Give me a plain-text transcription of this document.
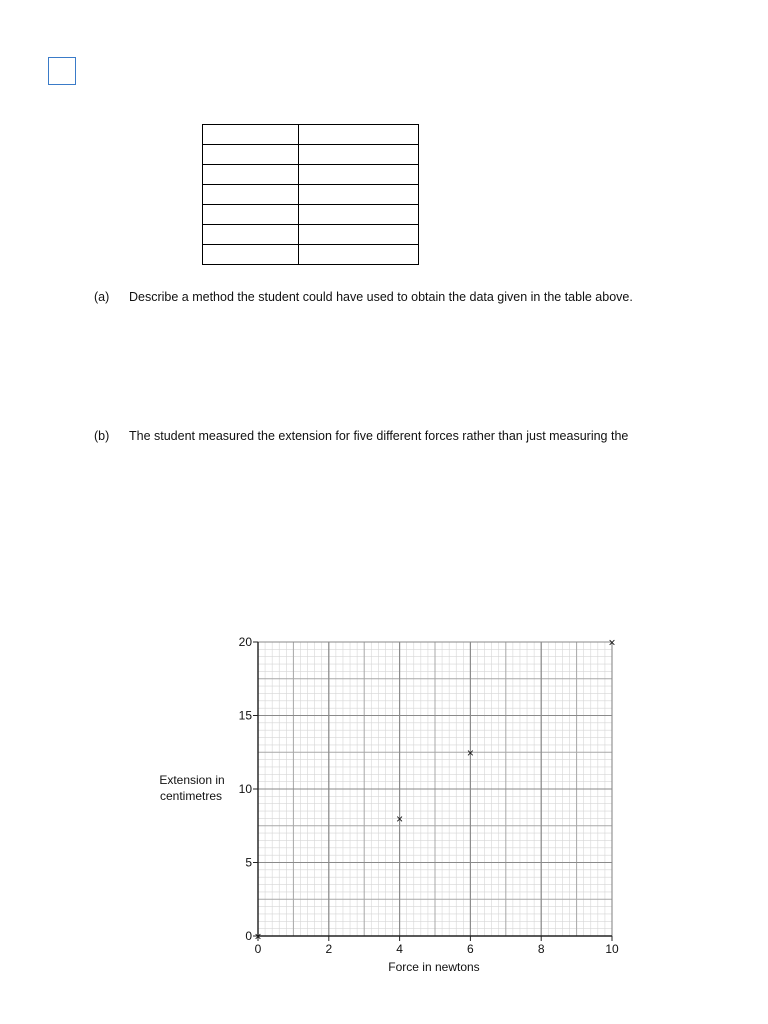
(a) Describe a method the student could have used to obtain the data given in the table above.
(b) The student measured the extension for five different forces rather than just measuring the
0	2	4	6	8	10
0
5
10
15
20
Force in newtons
Extension in
centimetres
×
×
×
×
